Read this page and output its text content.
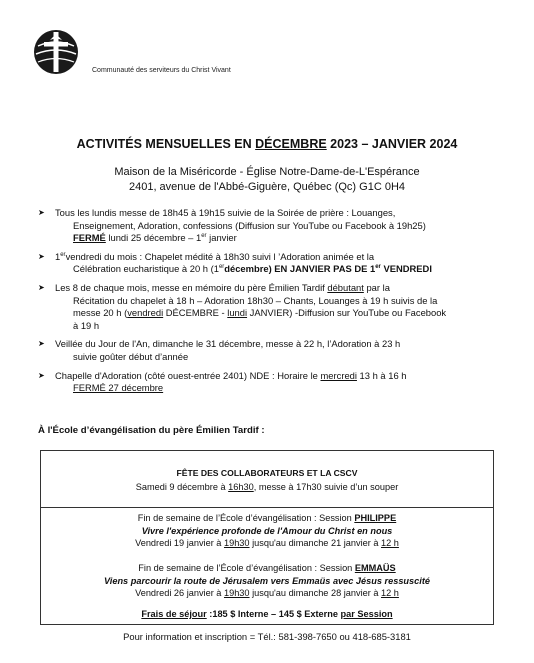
Communauté des serviteurs du Christ Vivant
ACTIVITÉS MENSUELLES EN DÉCEMBRE 2023 – JANVIER 2024
Maison de la Miséricorde - Église Notre-Dame-de-L'Espérance
2401, avenue de l'Abbé-Giguère, Québec (Qc) G1C 0H4
➤ Tous les lundis messe de 18h45 à 19h15 suivie de la Soirée de prière : Louanges,
Enseignement, Adoration, confessions (Diffusion sur YouTube ou Facebook à 19h25)
FERMÉ lundi 25 décembre – 1er janvier
➤ 1ervendredi du mois : Chapelet médité à 18h30 suivi l ’Adoration animée et la
Célébration eucharistique à 20 h (1erdécembre) EN JANVIER PAS DE 1er VENDREDI
➤ Les 8 de chaque mois, messe en mémoire du père Émilien Tardif débutant par la
Récitation du chapelet à 18 h – Adoration 18h30 – Chants, Louanges à 19 h suivis de la
messe 20 h (vendredi DÉCEMBRE - lundi JANVIER) -Diffusion sur YouTube ou Facebook
à 19 h
➤ Veillée du Jour de l'An, dimanche le 31 décembre, messe à 22 h, l’Adoration à 23 h
suivie goûter début d’année
➤ Chapelle d'Adoration (côté ouest-entrée 2401) NDE : Horaire le mercredi 13 h à 16 h
FERMÉ 27 décembre
À l'École d’évangélisation du père Émilien Tardif :
FÊTE DES COLLABORATEURS ET LA CSCV
Samedi 9 décembre à 16h30, messe à 17h30 suivie d’un souper
Fin de semaine de l’École d’évangélisation : Session PHILIPPE
Vivre l'expérience profonde de l'Amour du Christ en nous
Vendredi 19 janvier à 19h30 jusqu'au dimanche 21 janvier à 12 h
Fin de semaine de l’École d’évangélisation : Session EMMAÜS
Viens parcourir la route de Jérusalem vers Emmaüs avec Jésus ressuscité
Vendredi 26 janvier à 19h30 jusqu'au dimanche 28 janvier à 12 h
Frais de séjour :185 $ Interne – 145 $ Externe par Session
Pour information et inscription = Tél.: 581-398-7650 ou 418-685-3181
